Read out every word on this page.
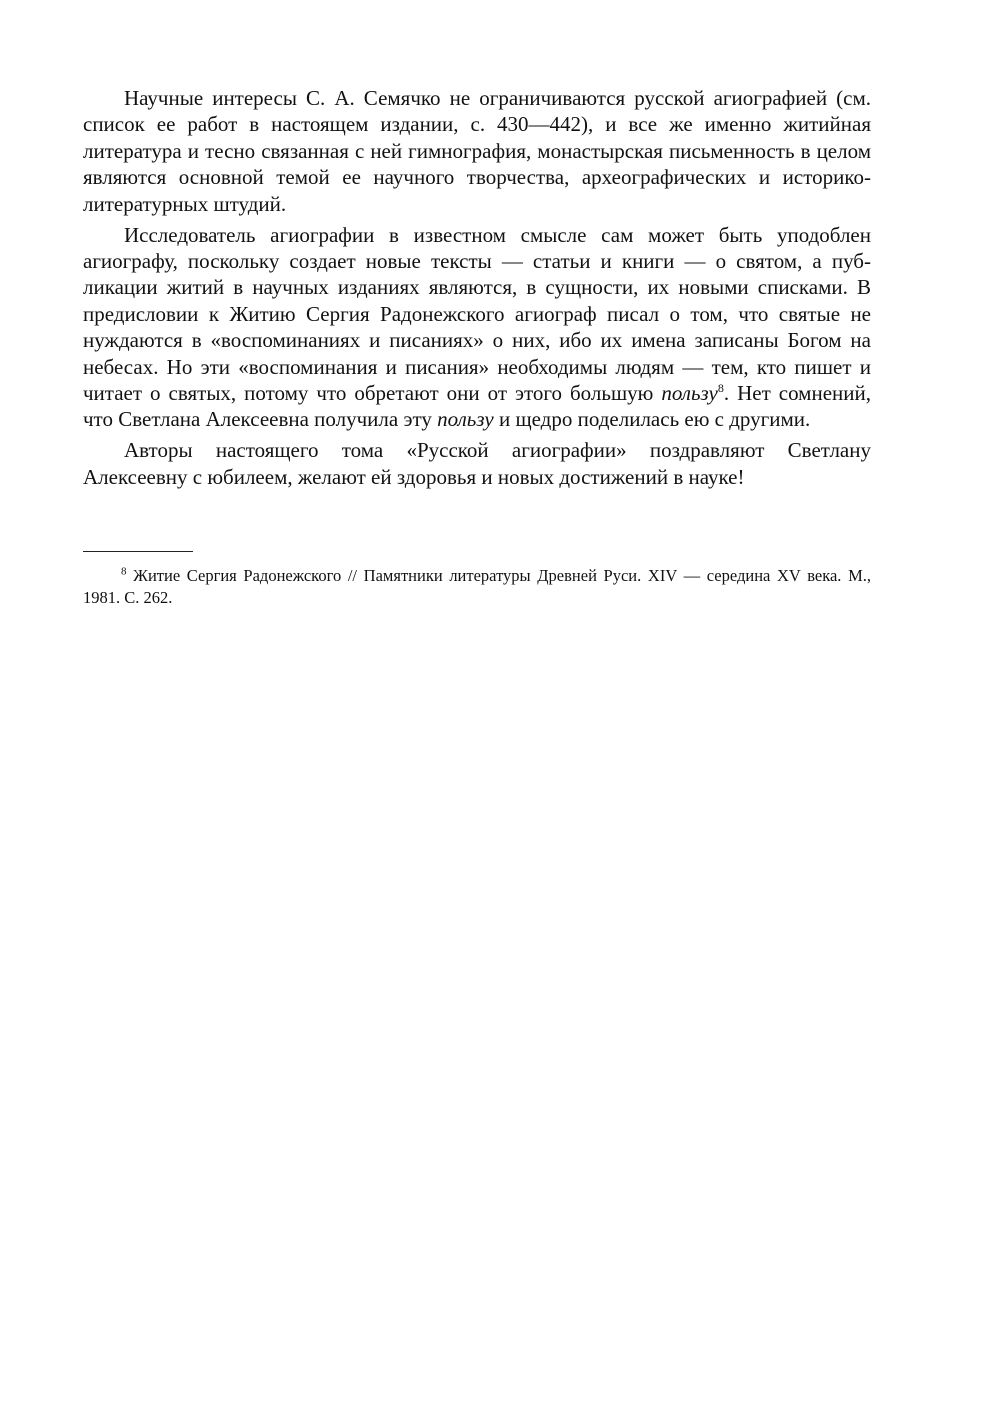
Научные интересы С. А. Семячко не ограничиваются русской агиографией (см. список ее работ в настоящем издании, с. 430—442), и все же именно житийная литература и тесно связанная с ней гимнография, монастырская письменность в целом являются основной темой ее научного творчества, археографических и историко-литературных штудий.

Исследователь агиографии в известном смысле сам может быть уподоблен агиографу, поскольку создает новые тексты — статьи и книги — о святом, а публикации житий в научных изданиях являются, в сущности, их новыми списками. В предисловии к Житию Сергия Радонежского агиограф писал о том, что святые не нуждаются в «воспоминаниях и писаниях» о них, ибо их имена записаны Богом на небесах. Но эти «воспоминания и писания» необходимы людям — тем, кто пишет и читает о святых, потому что обретают они от этого большую пользу$^8$. Нет сомнений, что Светлана Алексеевна получила эту пользу и щедро поделилась ею с другими.

Авторы настоящего тома «Русской агиографии» поздравляют Светлану Алексеевну с юбилеем, желают ей здоровья и новых достижений в науке!

$^8$ Житие Сергия Радонежского // Памятники литературы Древней Руси. XIV — середина XV века. М., 1981. С. 262.
